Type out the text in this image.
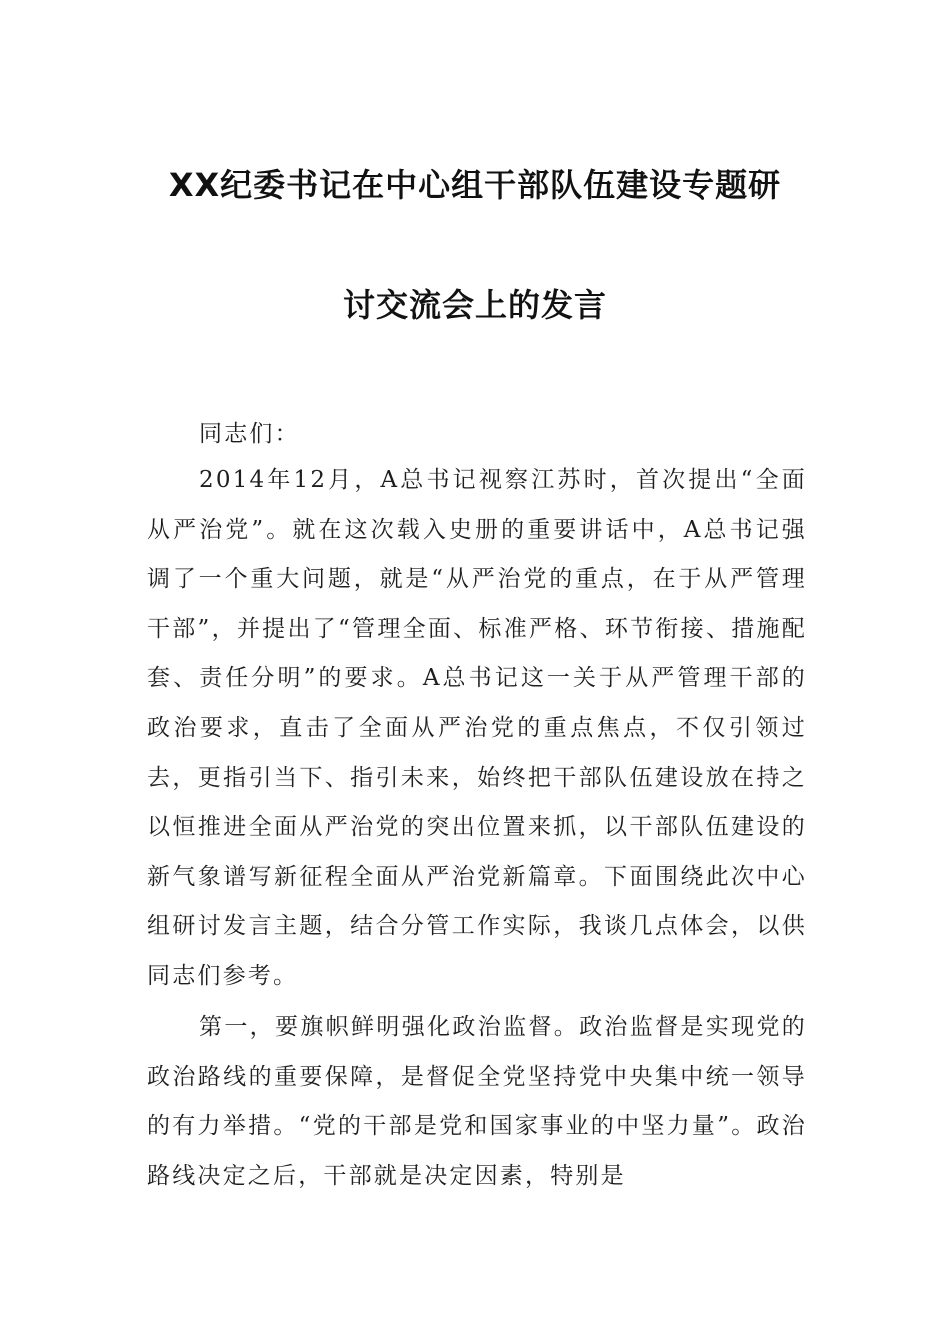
XX纪委书记在中心组干部队伍建设专题研
讨交流会上的发言

同志们：

2014年12月，A总书记视察江苏时，首次提出“全面从严治党”。就在这次载入史册的重要讲话中，A总书记强调了一个重大问题，就是“从严治党的重点，在于从严管理干部”，并提出了“管理全面、标准严格、环节衔接、措施配套、责任分明”的要求。A总书记这一关于从严管理干部的政治要求，直击了全面从严治党的重点焦点，不仅引领过去，更指引当下、指引未来，始终把干部队伍建设放在持之以恒推进全面从严治党的突出位置来抓，以干部队伍建设的新气象谱写新征程全面从严治党新篇章。下面围绕此次中心组研讨发言主题，结合分管工作实际，我谈几点体会，以供同志们参考。

第一，要旗帜鲜明强化政治监督。政治监督是实现党的政治路线的重要保障，是督促全党坚持党中央集中统一领导的有力举措。“党的干部是党和国家事业的中坚力量”。政治路线决定之后，干部就是决定因素，特别是
